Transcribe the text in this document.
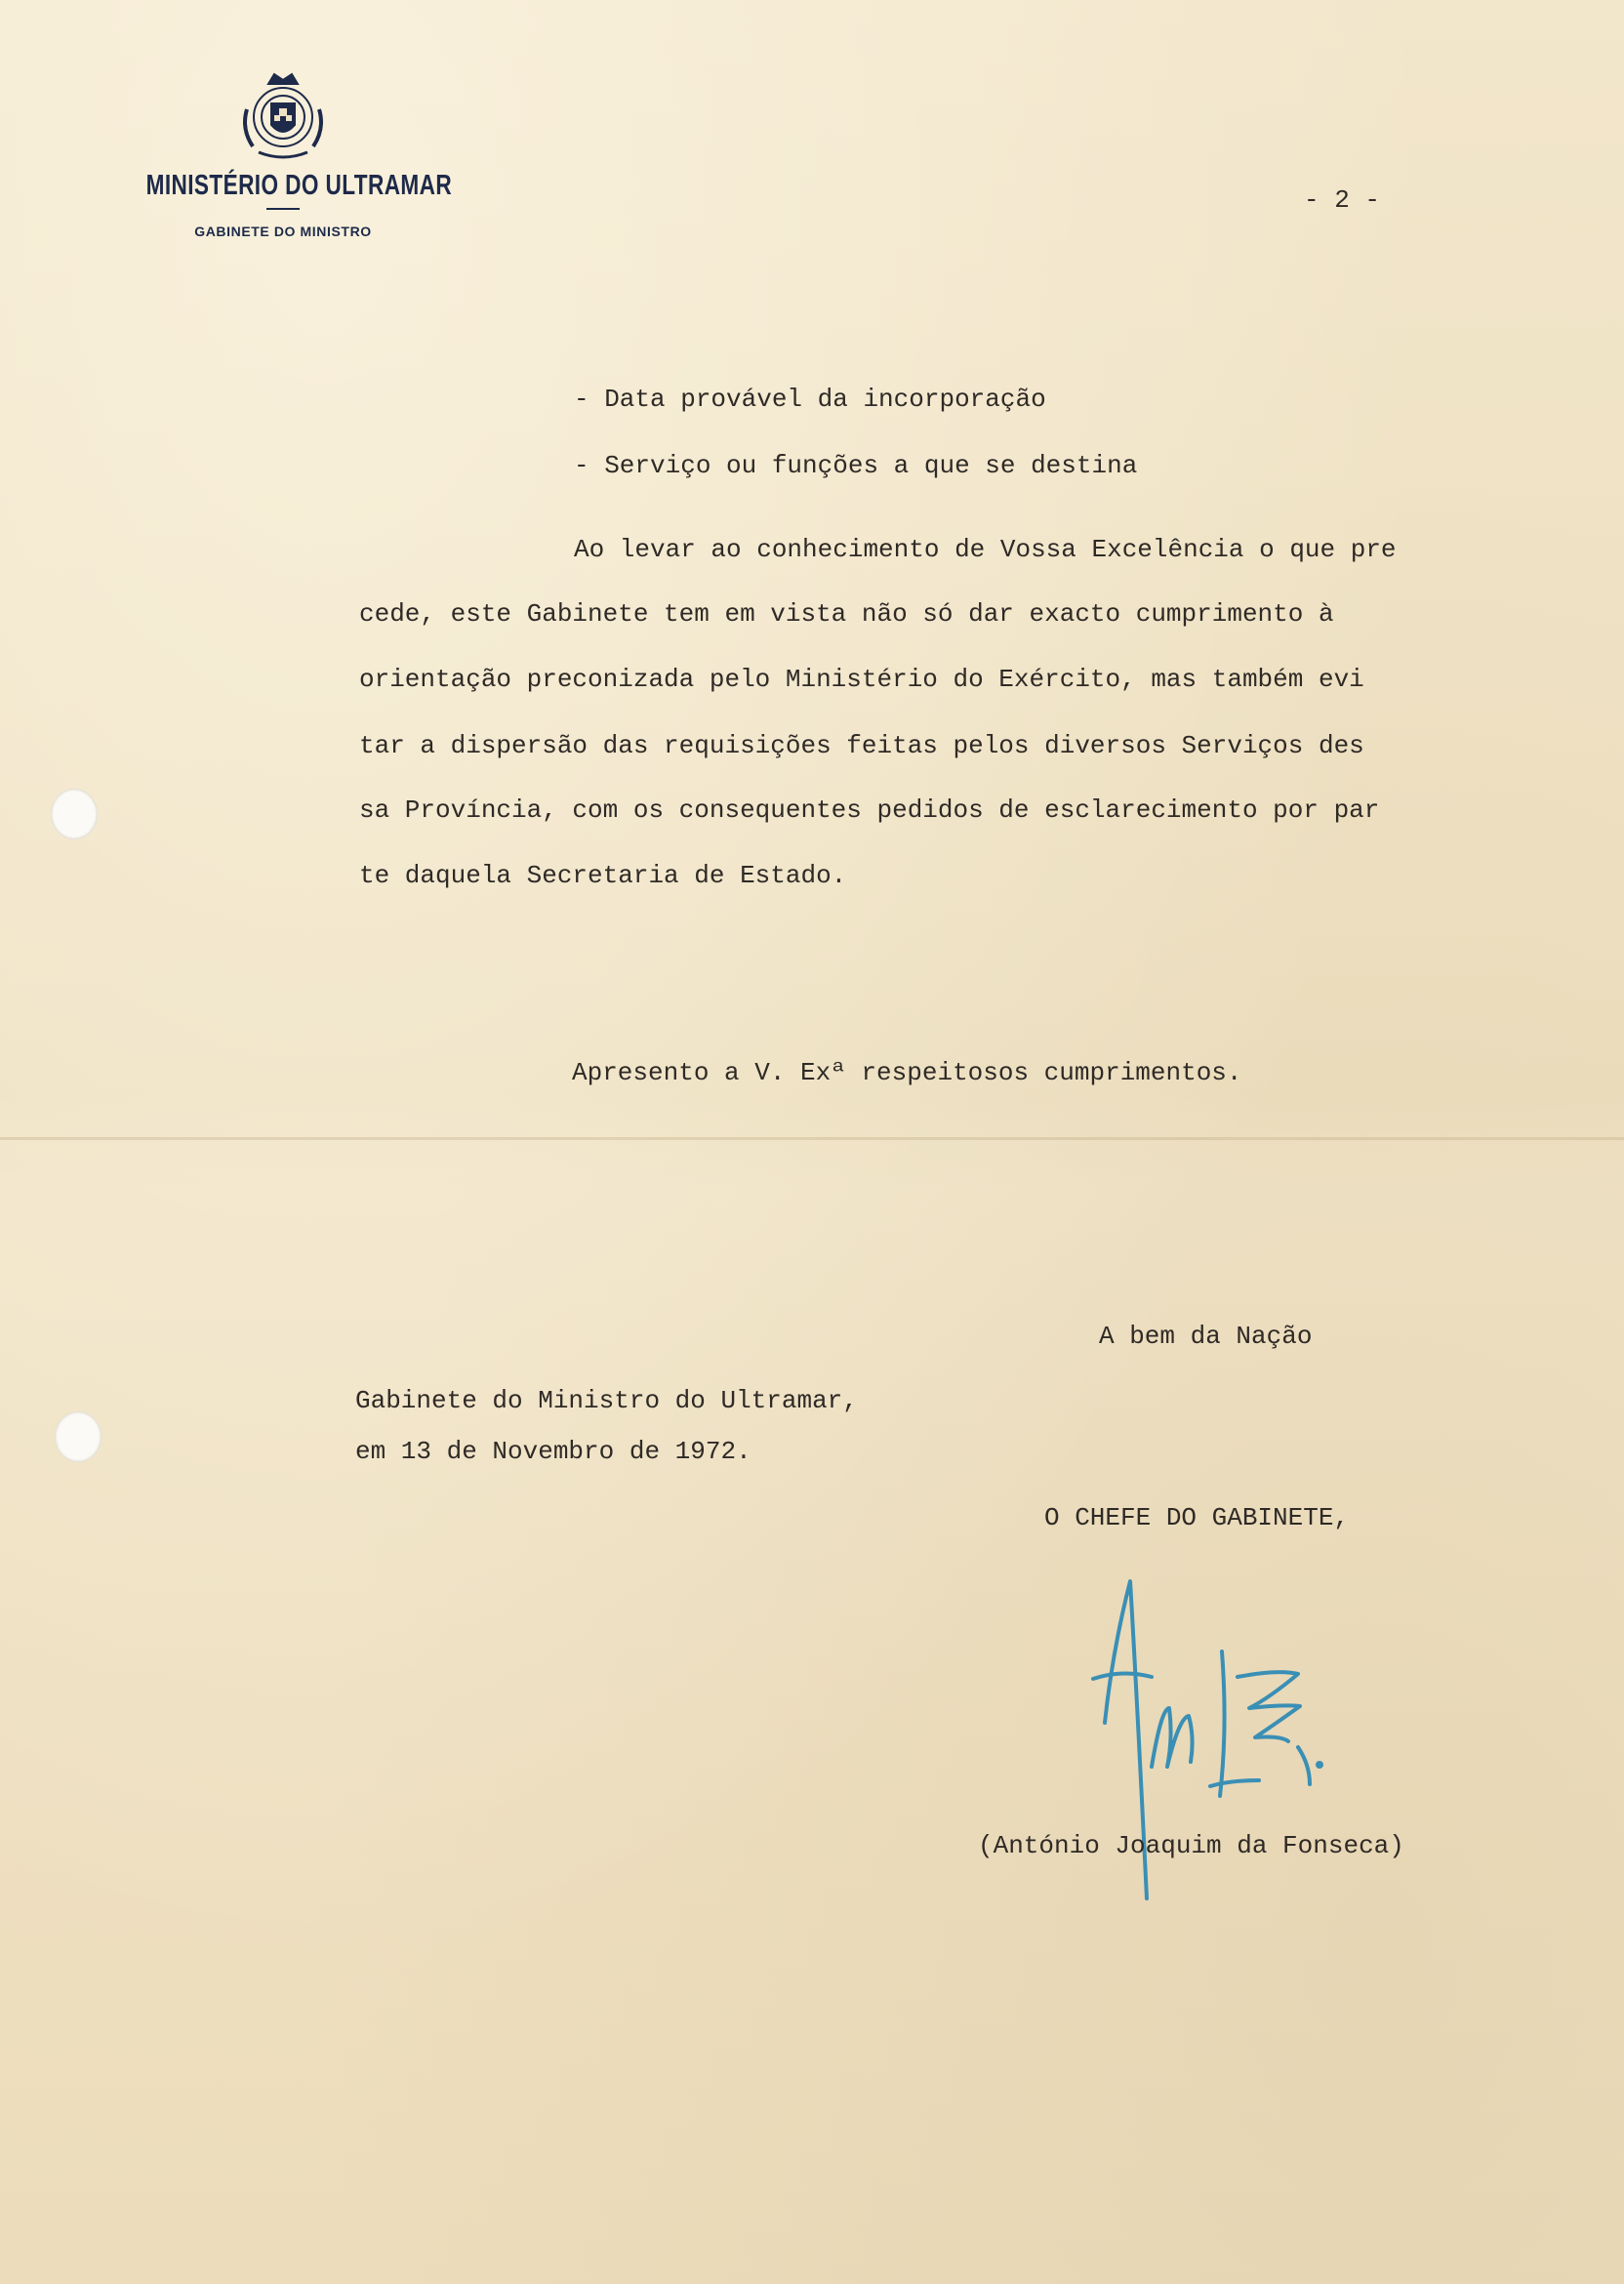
MINISTÉRIO DO ULTRAMAR
GABINETE DO MINISTRO
- 2 -
- Data provável da incorporação
- Serviço ou funções a que se destina
Ao levar ao conhecimento de Vossa Excelência o que pre
cede, este Gabinete tem em vista não só dar exacto cumprimento à
orientação preconizada pelo Ministério do Exército, mas também evi
tar a dispersão das requisições feitas pelos diversos Serviços des
sa Província, com os consequentes pedidos de esclarecimento por par
te daquela Secretaria de Estado.
Apresento a V. Exª respeitosos cumprimentos.
A bem da Nação
Gabinete do Ministro do Ultramar,
em 13 de Novembro de 1972.
O CHEFE DO GABINETE,
(António Joaquim da Fonseca)
